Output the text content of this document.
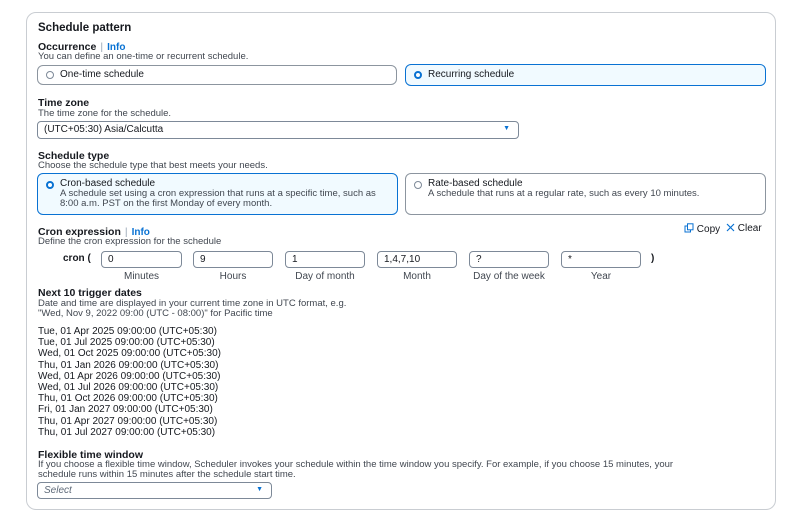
Schedule pattern
Occurrence | Info
You can define an one-time or recurrent schedule.
One-time schedule	Recurring schedule
Time zone
The time zone for the schedule.
(UTC+05:30) Asia/Calcutta	▼
Schedule type
Choose the schedule type that best meets your needs.
Cron-based schedule
A schedule set using a cron expression that runs at a specific time, such as 8:00 a.m. PST on the first Monday of every month.
Rate-based schedule
A schedule that runs at a regular rate, such as every 10 minutes.
Cron expression | Info
Define the cron expression for the schedule
Copy	Clear
cron (	0	9	1	1,4,7,10	?	*	)
Minutes	Hours	Day of month	Month	Day of the week	Year
Next 10 trigger dates
Date and time are displayed in your current time zone in UTC format, e.g.
"Wed, Nov 9, 2022 09:00 (UTC - 08:00)" for Pacific time
Tue, 01 Apr 2025 09:00:00 (UTC+05:30)
Tue, 01 Jul 2025 09:00:00 (UTC+05:30)
Wed, 01 Oct 2025 09:00:00 (UTC+05:30)
Thu, 01 Jan 2026 09:00:00 (UTC+05:30)
Wed, 01 Apr 2026 09:00:00 (UTC+05:30)
Wed, 01 Jul 2026 09:00:00 (UTC+05:30)
Thu, 01 Oct 2026 09:00:00 (UTC+05:30)
Fri, 01 Jan 2027 09:00:00 (UTC+05:30)
Thu, 01 Apr 2027 09:00:00 (UTC+05:30)
Thu, 01 Jul 2027 09:00:00 (UTC+05:30)
Flexible time window
If you choose a flexible time window, Scheduler invokes your schedule within the time window you specify. For example, if you choose 15 minutes, your
schedule runs within 15 minutes after the schedule start time.
Select	▼
